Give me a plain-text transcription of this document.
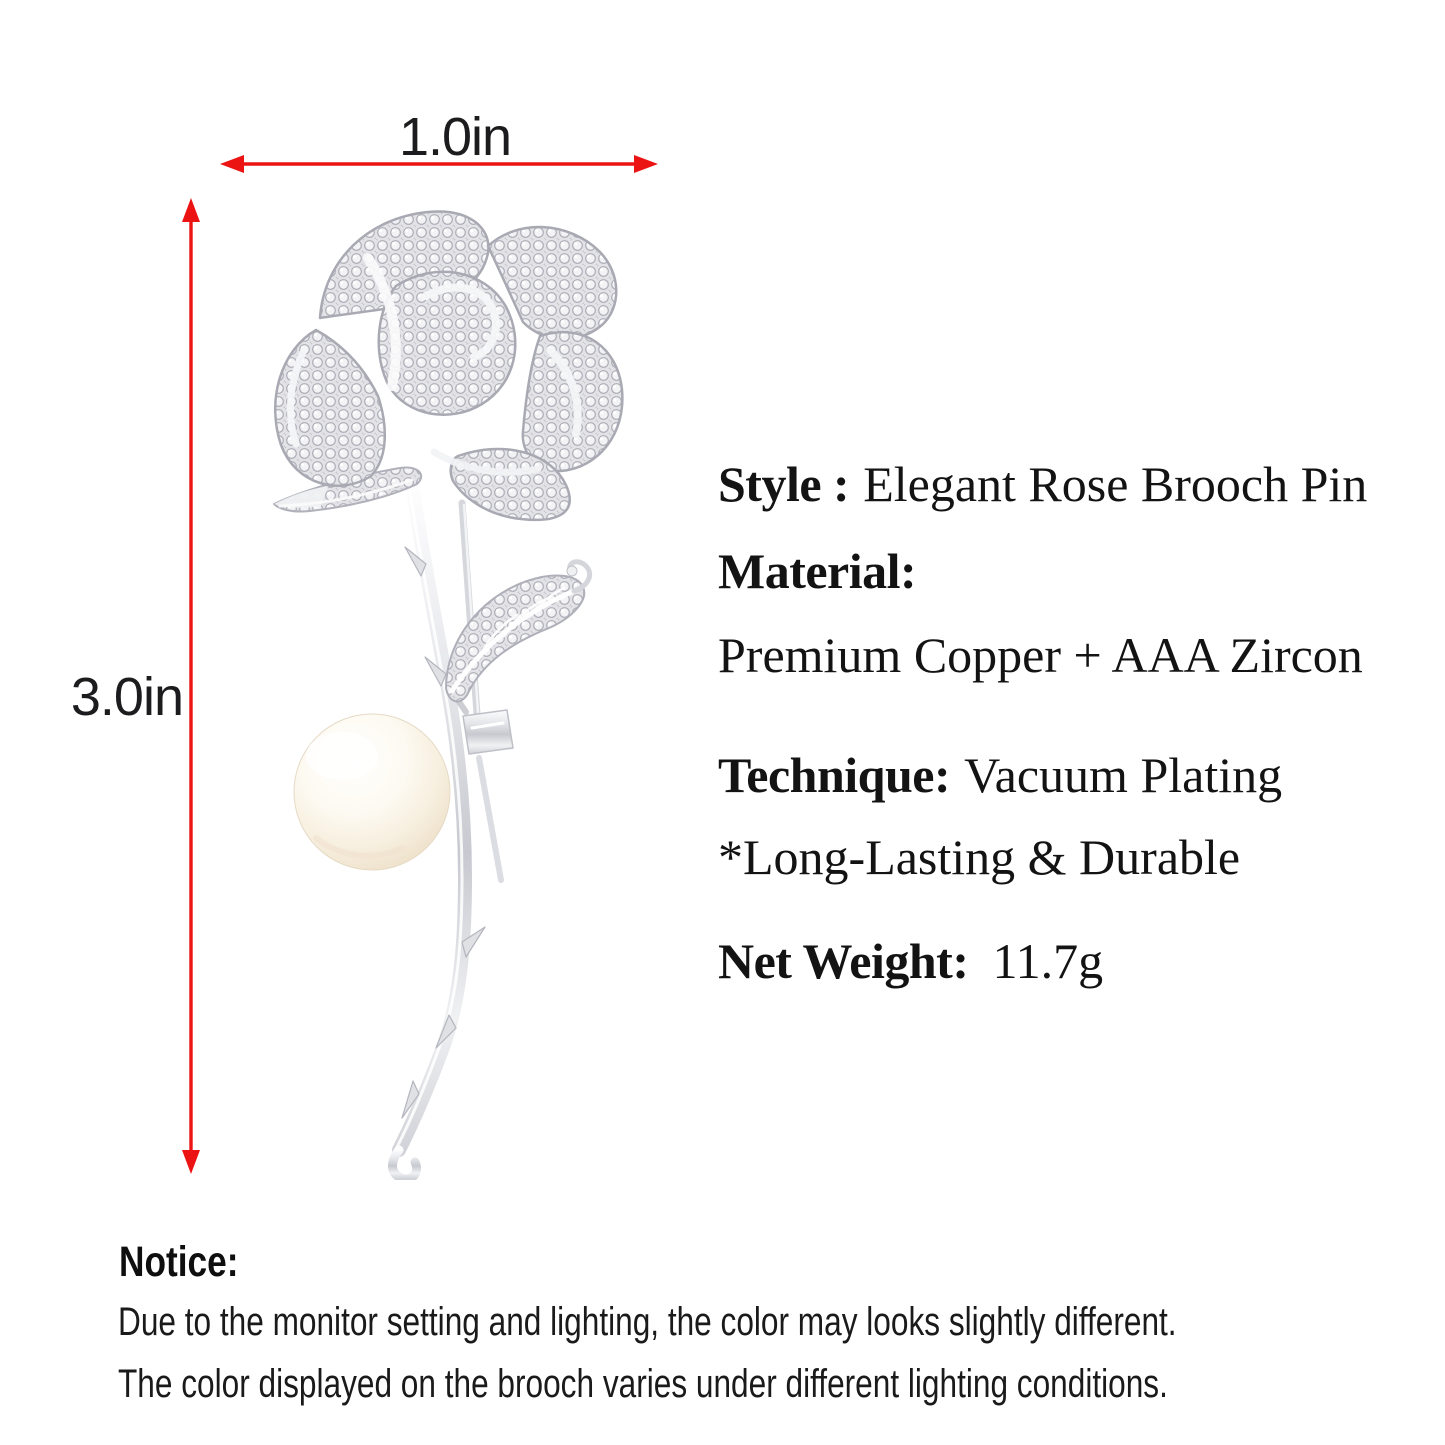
1.0in
3.0in
Style : Elegant Rose Brooch Pin
Material:
Premium Copper + AAA Zircon
Technique: Vacuum Plating
*Long-Lasting & Durable
Net Weight: 11.7g
Notice:
Due to the monitor setting and lighting, the color may looks slightly different.
The color displayed on the brooch varies under different lighting conditions.
